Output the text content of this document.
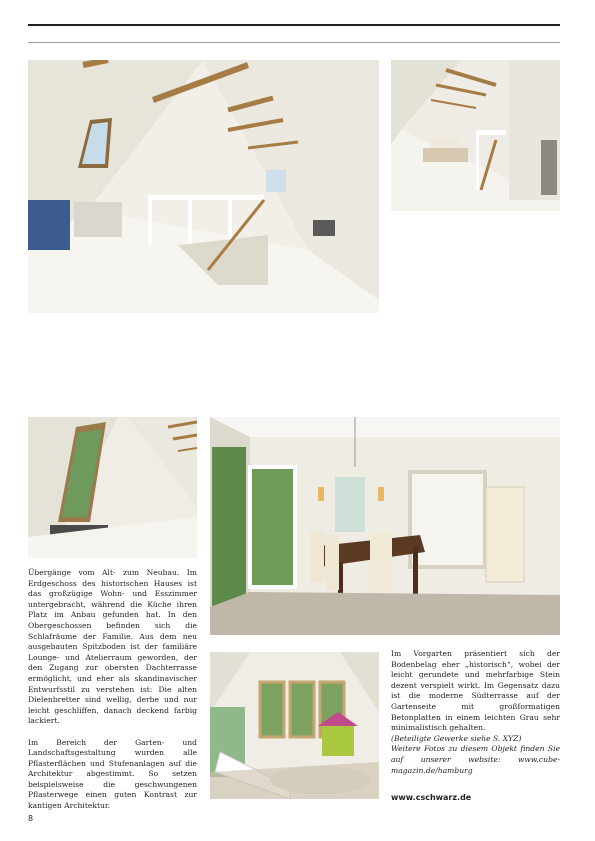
Übergänge vom Alt- zum Neubau. Im Erdgeschoss des historischen Hauses ist das großzügige Wohn- und Esszimmer untergebracht, während die Küche ihren Platz im Anbau gefunden hat. In den Obergeschossen befinden sich die Schlafräume der Familie. Aus dem neu ausgebauten Spitzboden ist der familiäre Lounge- und Atelierraum geworden, der den Zugang zur obersten Dachterrasse ermöglicht, und eher als skandinavischer Entwurfsstil zu verstehen ist: Die alten Dielenbretter sind wellig, derbe und nur leicht geschliffen, danach deckend farbig lackiert.

Im Bereich der Garten- und Landschaftsgestaltung wurden alle Pflasterflächen und Stufenanlagen auf die Architektur abgestimmt. So setzen beispielsweise die geschwungenen Pflasterwege einen guten Kontrast zur kantigen Architektur.

Im Vorgarten präsentiert sich der Bodenbelag eher „historisch“, wobei der leicht gerundete und mehrfarbige Stein dezent verspielt wirkt. Im Gegensatz dazu ist die moderne Südterrasse auf der Gartenseite mit großformatigen Betonplatten in einem leichten Grau sehr minimalistisch gehalten.
(Beteiligte Gewerke siehe S. XYZ)
Weitere Fotos zu diesem Objekt finden Sie auf unserer website: www.cube-magazin.de/hamburg
www.cschwarz.de
8
